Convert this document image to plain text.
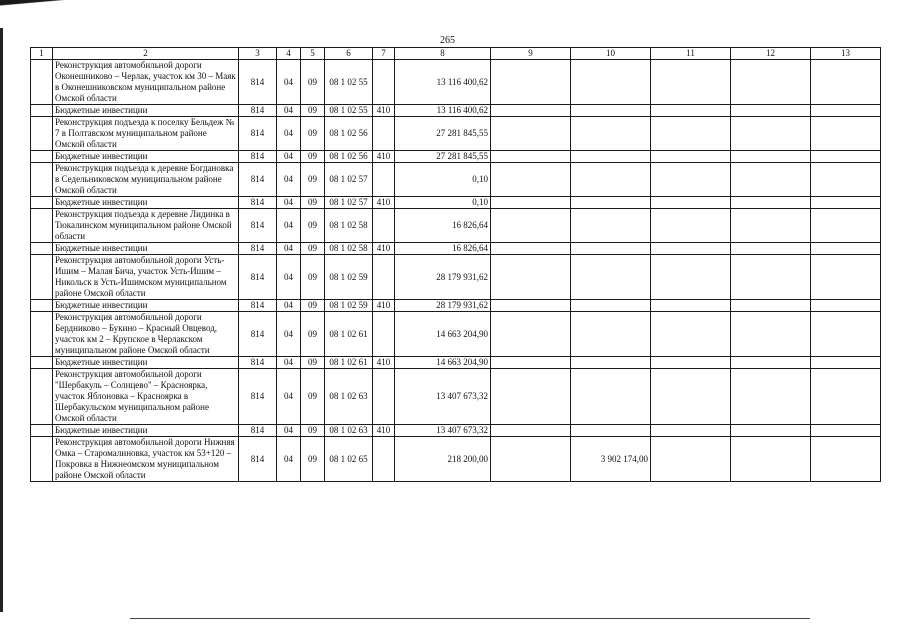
265
1	2	3	4	5	6	7	8	9	10	11	12	13
	Реконструкция автомобильной дороги Оконешниково – Черлак, участок км 30 – Маяк в Оконешниковском муниципальном районе Омской области	814	04	09	08 1 02 55		13 116 400,62					
	Бюджетные инвестиции	814	04	09	08 1 02 55	410	13 116 400,62					
	Реконструкция подъезда к поселку Бельдеж № 7 в Полтавском муниципальном районе Омской области	814	04	09	08 1 02 56		27 281 845,55					
	Бюджетные инвестиции	814	04	09	08 1 02 56	410	27 281 845,55					
	Реконструкция подъезда к деревне Богдановка в Седельниковском муниципальном районе Омской области	814	04	09	08 1 02 57		0,10					
	Бюджетные инвестиции	814	04	09	08 1 02 57	410	0,10					
	Реконструкция подъезда к деревне Лидинка в Тюкалинском муниципальном районе Омской области	814	04	09	08 1 02 58		16 826,64					
	Бюджетные инвестиции	814	04	09	08 1 02 58	410	16 826,64					
	Реконструкция автомобильной дороги Усть-Ишим – Малая Бича, участок Усть-Ишим – Никольск в Усть-Ишимском муниципальном районе Омской области	814	04	09	08 1 02 59		28 179 931,62					
	Бюджетные инвестиции	814	04	09	08 1 02 59	410	28 179 931,62					
	Реконструкция автомобильной дороги Бердниково – Букино – Красный Овцевод, участок км 2 – Крупское в Черлакском муниципальном районе Омской области	814	04	09	08 1 02 61		14 663 204,90					
	Бюджетные инвестиции	814	04	09	08 1 02 61	410	14 663 204,90					
	Реконструкция автомобильной дороги "Шербакуль – Солнцево" – Красноярка, участок Яблоновка – Красноярка в Шербакульском муниципальном районе Омской области	814	04	09	08 1 02 63		13 407 673,32					
	Бюджетные инвестиции	814	04	09	08 1 02 63	410	13 407 673,32					
	Реконструкция автомобильной дороги Нижняя Омка – Старомалиновка, участок км 53+120 – Покровка в Нижнеомском муниципальном районе Омской области	814	04	09	08 1 02 65		218 200,00		3 902 174,00			
